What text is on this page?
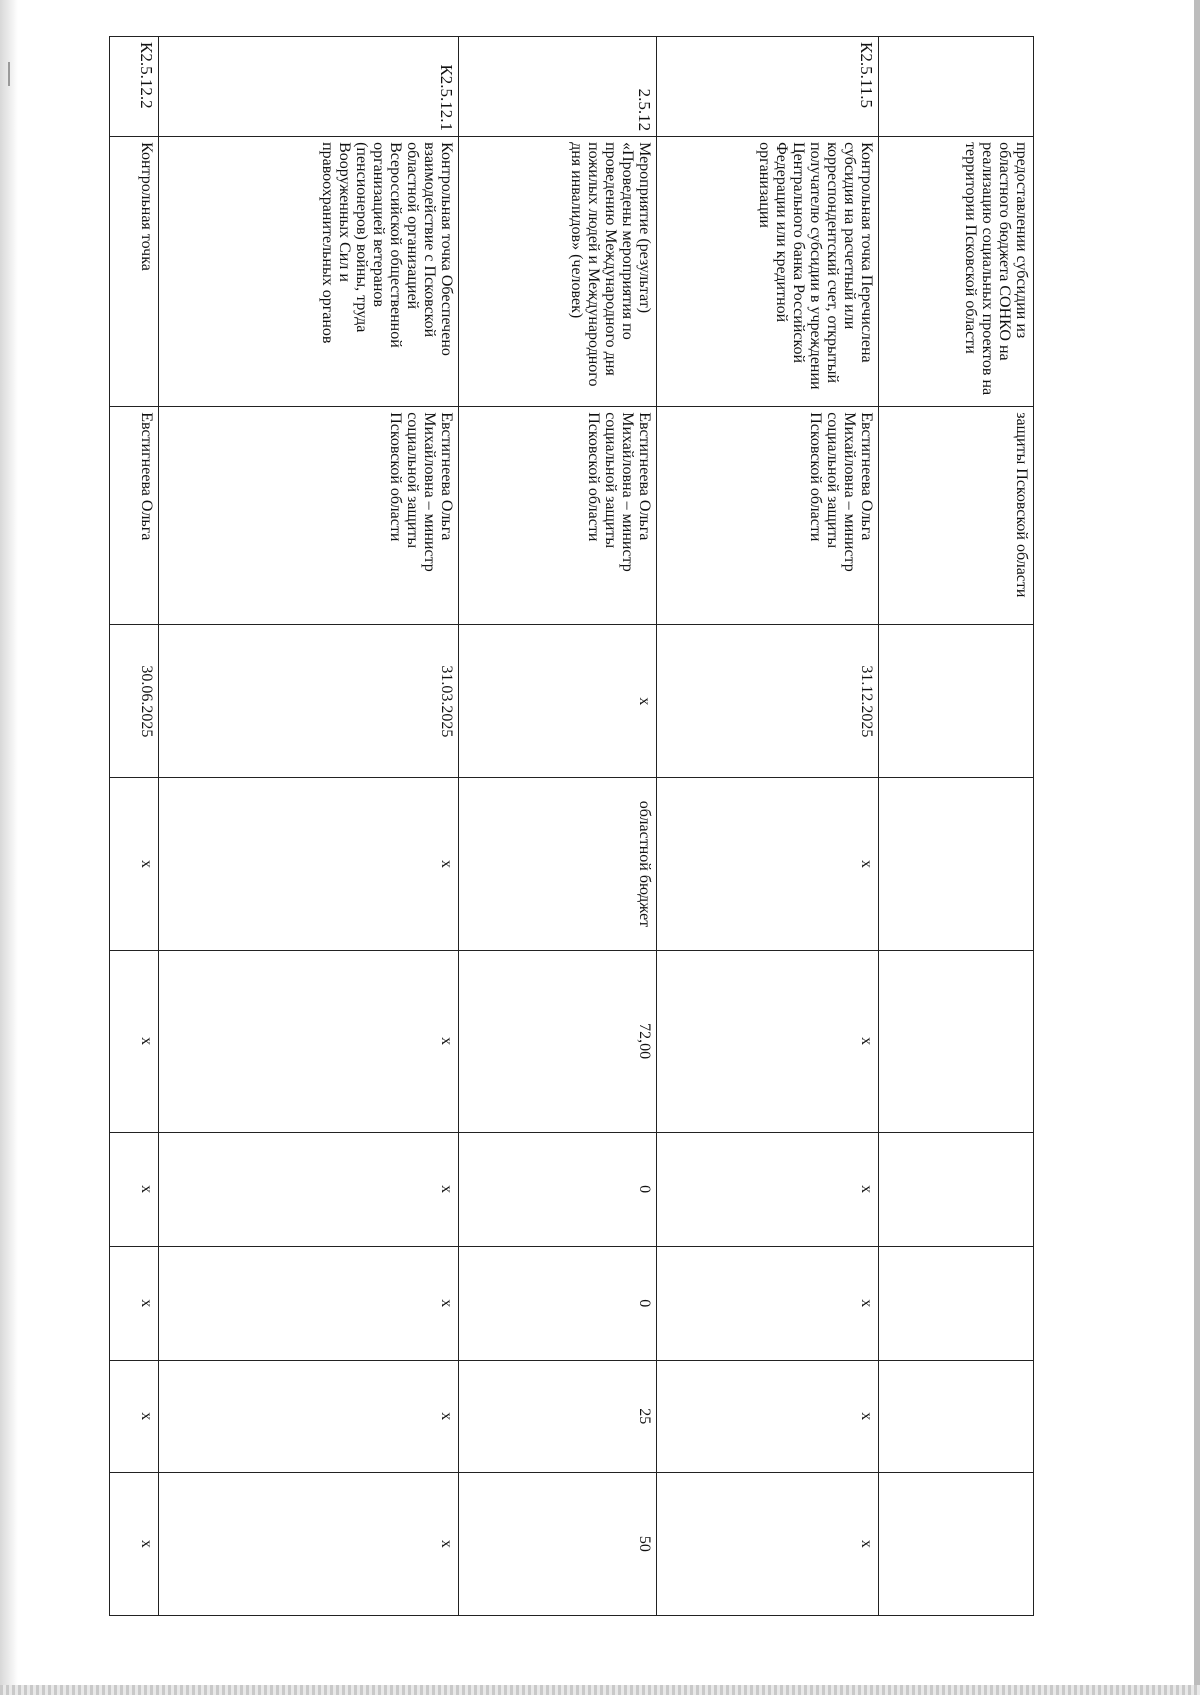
	предоставлении субсидии из областного бюджета СОНКО на реализацию социальных проектов на территории Псковской области	защиты Псковской области							
К2.5.11.5	Контрольная точка Перечислена субсидия на расчетный или корреспондентский счет, открытый получателю субсидии в учреждении Центрального банка Российской Федерации или кредитной организации	Евстигнеева Ольга Михайловна – министр социальной защиты Псковской области	31.12.2025	x	x	x	x	x	x
2.5.12	Мероприятие (результат) «Проведены мероприятия по проведению Международного дня пожилых людей и Международного дня инвалидов» (человек)	Евстигнеева Ольга Михайловна – министр социальной защиты Псковской области	x	областной бюджет	72,00	0	0	25	50
К2.5.12.1	Контрольная точка Обеспечено взаимодействие с Псковской областной организацией Всероссийской общественной организацией ветеранов (пенсионеров) войны, труда Вооруженных Сил и правоохранительных органов	Евстигнеева Ольга Михайловна – министр социальной защиты Псковской области	31.03.2025	x	x	x	x	x	x
К2.5.12.2	Контрольная точка	Евстигнеева Ольга	30.06.2025	x	x	x	x	x	x
